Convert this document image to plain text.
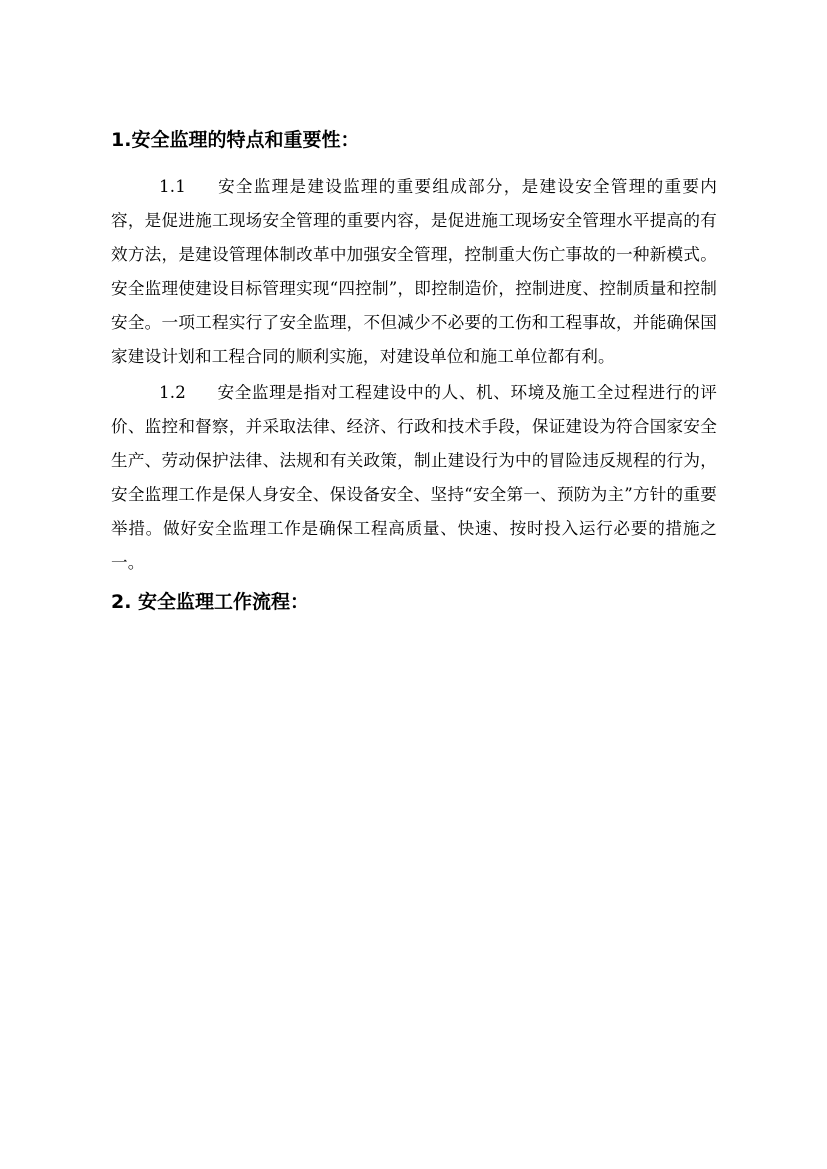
1.安全监理的特点和重要性：

1.1 安全监理是建设监理的重要组成部分，是建设安全管理的重要内容，是促进施工现场安全管理的重要内容，是促进施工现场安全管理水平提高的有效方法，是建设管理体制改革中加强安全管理，控制重大伤亡事故的一种新模式。安全监理使建设目标管理实现“四控制”，即控制造价，控制进度、控制质量和控制安全。一项工程实行了安全监理，不但减少不必要的工伤和工程事故，并能确保国家建设计划和工程合同的顺利实施，对建设单位和施工单位都有利。

1.2 安全监理是指对工程建设中的人、机、环境及施工全过程进行的评价、监控和督察，并采取法律、经济、行政和技术手段，保证建设为符合国家安全生产、劳动保护法律、法规和有关政策，制止建设行为中的冒险违反规程的行为，安全监理工作是保人身安全、保设备安全、坚持“安全第一、预防为主”方针的重要举措。做好安全监理工作是确保工程高质量、快速、按时投入运行必要的措施之一。

2. 安全监理工作流程：
